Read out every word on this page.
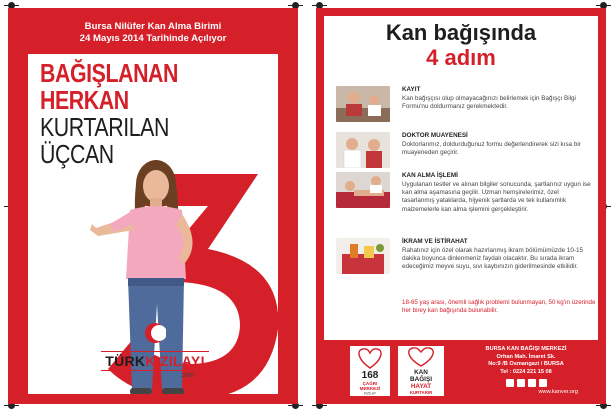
Bursa Nilüfer Kan Alma Birimi
24 Mayıs 2014 Tarihinde Açılıyor
BAĞIŞLANAN
HERKAN
KURTARILAN
ÜÇCAN
TÜRKKIZILAYI
1868
Kan bağışında
4 adım
KAYIT
Kan bağışçısı olup olmayacağınızı belirlemek için Bağışçı Bilgi Formu'nu doldurmanız gerekmektedir.
DOKTOR MUAYENESİ
Doktorlarımız, doldurduğunuz formu değerlendirerek sizi kısa bir muayeneden geçirir.
KAN ALMA İŞLEMİ
Uygulanan testler ve alınan bilgiler sonucunda, şartlarınız uygun ise kan alma aşamasına geçilir. Uzman hemşirelerimiz, özel tasarlanmış yataklarda, hijyenik şartlarda ve tek kullanımlık malzemelerle kan alma işlemini gerçekleştirir.
İKRAM VE İSTİRAHAT
Rahatınız için özel olarak hazırlanmış ikram bölümümüzde 10-15 dakika boyunca dinlenmeniz faydalı olacaktır. Bu sırada ikram edeceğimiz meyve suyu, sıvı kaybınızın giderilmesinde etkilidir.
18-65 yaş arası, önemli sağlık problemi bulunmayan, 50 kg'ın üzerinde her birey kan bağışında bulunabilir.
168
ÇAĞRI
MERKEZİ
KIZILAY
KAN
BAĞIŞI
HAYAT
KURTARIR
BURSA KAN BAĞIŞI MERKEZİ
Orhan Mah. İmaret Sk.
No:9 /B Osmangazi / BURSA
Tel : 0224 221 15 08
www.kanver.org
